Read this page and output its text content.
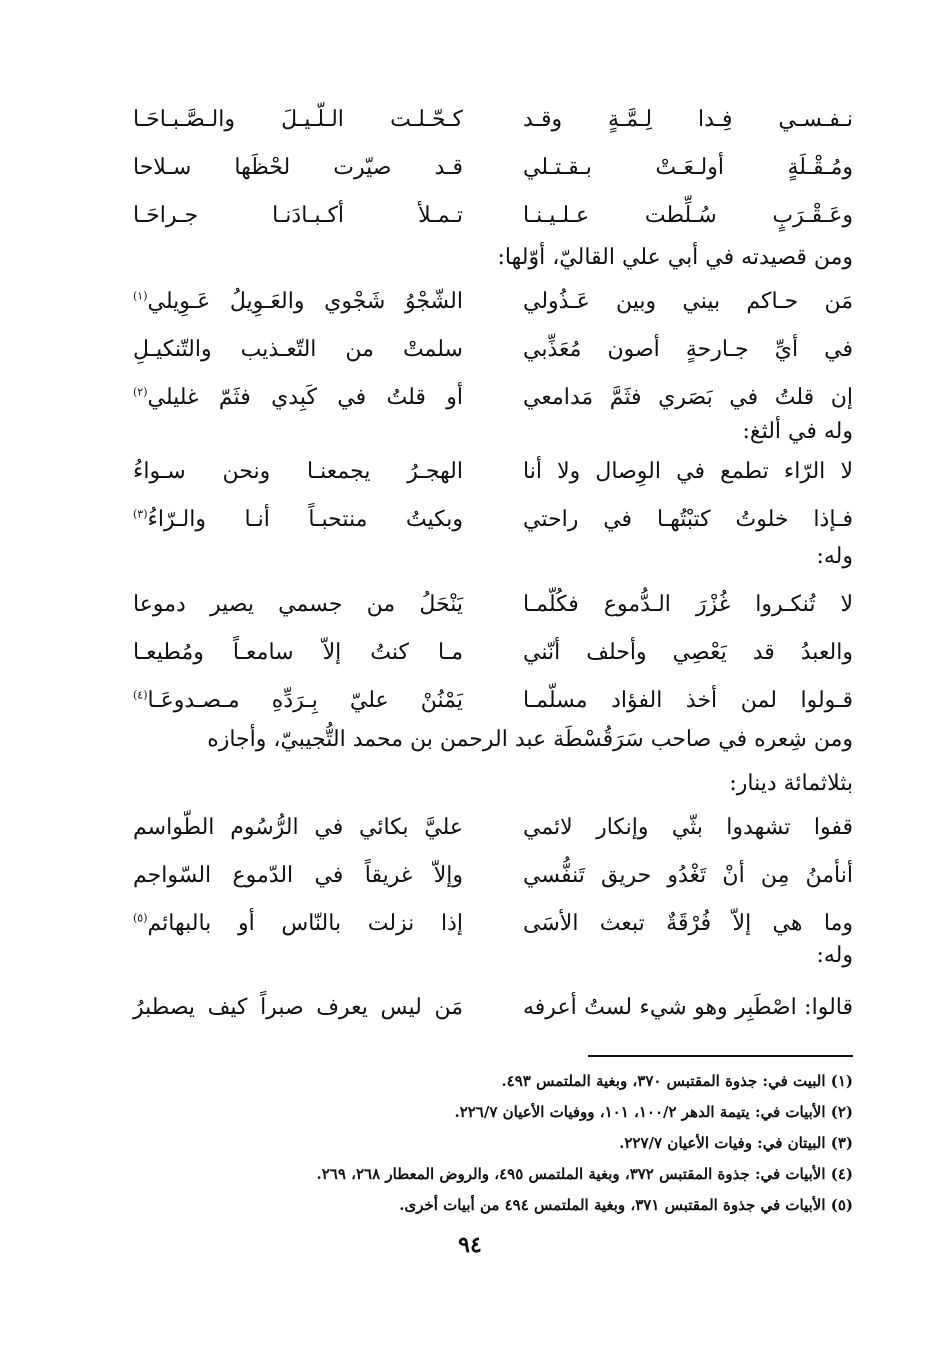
نـفـسـي فِـدا لِـمَّـةٍ وقـد
كـحّـلـت الـلّـيـلَ والـصَّـبـاحَـا
ومُـقْـلَةٍ أولـعَـتْ بـقـتـلي
قـد صيّرت لحْظَها سـلاحا
وعَـقْـرَبٍ سُـلِّطت عـلـيـنـا
تـمـلأ أكـبـادَنـا جـراحَـا
ومن قصيدته في أبي علي القاليّ، أوّلها:
مَن حـاكم بيني وبين عَـذُولي
الشّجْوُ شَجْوي والعَـوِيلُ عَـوِيلي$^{(١)}$
في أيِّ جـارحةٍ أصون مُعَذِّبي
سلمتْ من التّعـذيب والتّنكيـلِ
إن قلتُ في بَصَري فثَمَّ مَدامعي
أو قلتُ في كَبِدي فثَمّ غليلي$^{(٢)}$
وله في ألثغ:
لا الرّاء تطمع في الوِصال ولا أنا
الهجـرُ يجمعنـا ونحن سـواءُ
فـإذا خلوتُ كتبْتُهـا في راحتي
وبكيتُ منتحبـاً أنـا والـرّاءُ$^{(٣)}$
وله:
لا تُنكـروا غُزْرَ الـدُّموع فكُلّمـا
يَنْحَلُ من جسمي يصير دموعا
والعبدُ قد يَعْصِي وأحلف أنّني
مـا كنتُ إلاّ سامعـاً ومُطيعـا
قـولوا لمن أخذ الفؤاد مسلّمـا
يَمْنُنْ عليّ بِـرَدِّهِ مـصـدوعَـا$^{(٤)}$
ومن شِعره في صاحب سَرَقُسْطَة عبد الرحمن بن محمد التُّجيبيّ، وأجازه بثلاثمائة دينار:
قفوا تشهدوا بثّي وإنكار لائمي
عليَّ بكائي في الرُّسُوم الطّواسم
أنأمنُ مِن أنْ تَغْدُو حريق تَنفُّسي
وإلاّ غريقاً في الدّموع السّواجم
وما هي إلاّ فُرْقَةٌ تبعث الأسَى
إذا نزلت بالنّاس أو بالبهائم$^{(٥)}$
وله:
قالوا: اصْطَبِر وهو شيء لستُ أعرفه
مَن ليس يعرف صبراً كيف يصطبرُ
(١) البيت في: جذوة المقتبس ٣٧٠، وبغية الملتمس ٤٩٣.
(٢) الأبيات في: يتيمة الدهر ١٠٠/٢، ١٠١، ووفيات الأعيان ٢٢٦/٧.
(٣) البيتان في: وفيات الأعيان ٢٢٧/٧.
(٤) الأبيات في: جذوة المقتبس ٣٧٢، وبغية الملتمس ٤٩٥، والروض المعطار ٢٦٨، ٢٦٩.
(٥) الأبيات في جذوة المقتبس ٣٧١، وبغية الملتمس ٤٩٤ من أبيات أخرى.
٩٤
